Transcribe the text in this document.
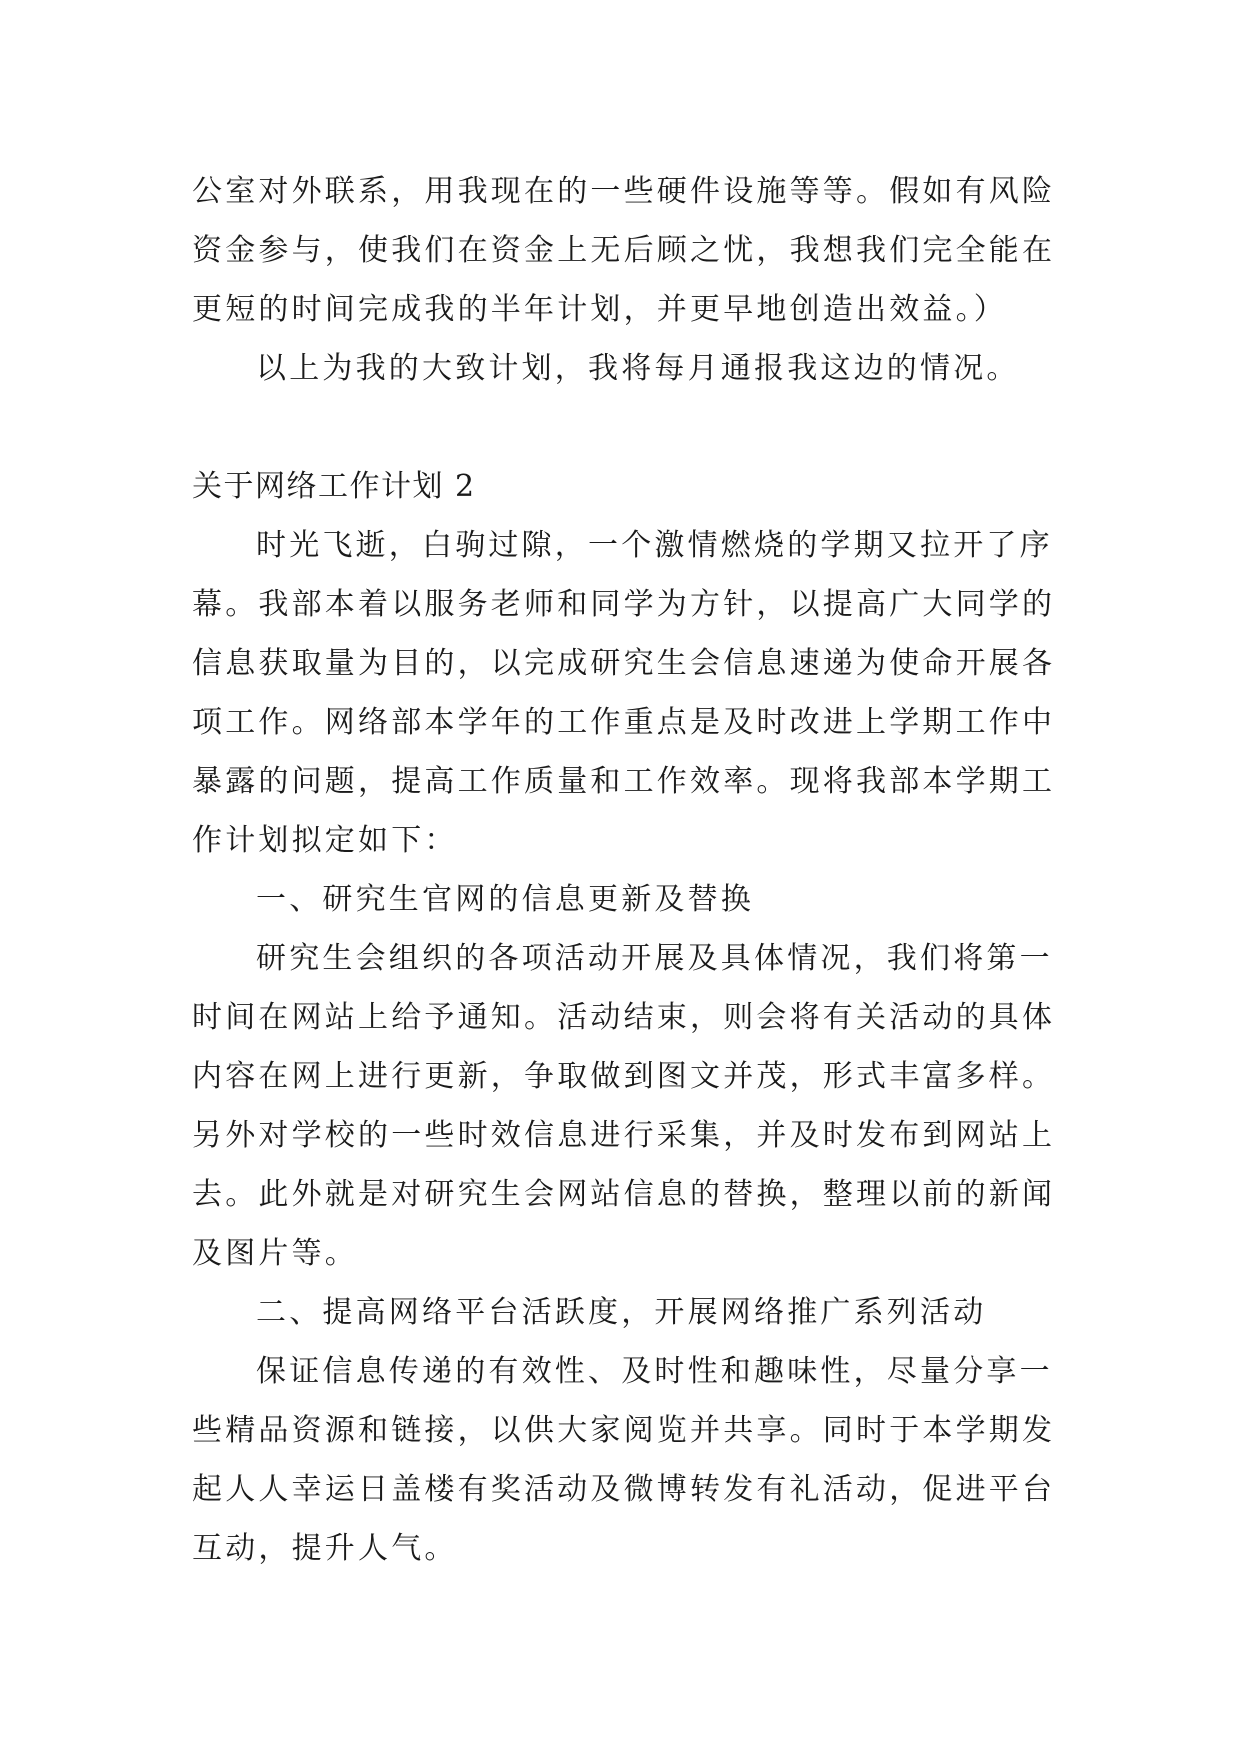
公室对外联系，用我现在的一些硬件设施等等。假如有风险
资金参与，使我们在资金上无后顾之忧，我想我们完全能在
更短的时间完成我的半年计划，并更早地创造出效益。）
以上为我的大致计划，我将每月通报我这边的情况。
关于网络工作计划 2
时光飞逝，白驹过隙，一个激情燃烧的学期又拉开了序
幕。我部本着以服务老师和同学为方针，以提高广大同学的
信息获取量为目的，以完成研究生会信息速递为使命开展各
项工作。网络部本学年的工作重点是及时改进上学期工作中
暴露的问题，提高工作质量和工作效率。现将我部本学期工
作计划拟定如下：
一、研究生官网的信息更新及替换
研究生会组织的各项活动开展及具体情况，我们将第一
时间在网站上给予通知。活动结束，则会将有关活动的具体
内容在网上进行更新，争取做到图文并茂，形式丰富多样。
另外对学校的一些时效信息进行采集，并及时发布到网站上
去。此外就是对研究生会网站信息的替换，整理以前的新闻
及图片等。
二、提高网络平台活跃度，开展网络推广系列活动
保证信息传递的有效性、及时性和趣味性，尽量分享一
些精品资源和链接，以供大家阅览并共享。同时于本学期发
起人人幸运日盖楼有奖活动及微博转发有礼活动，促进平台
互动，提升人气。
